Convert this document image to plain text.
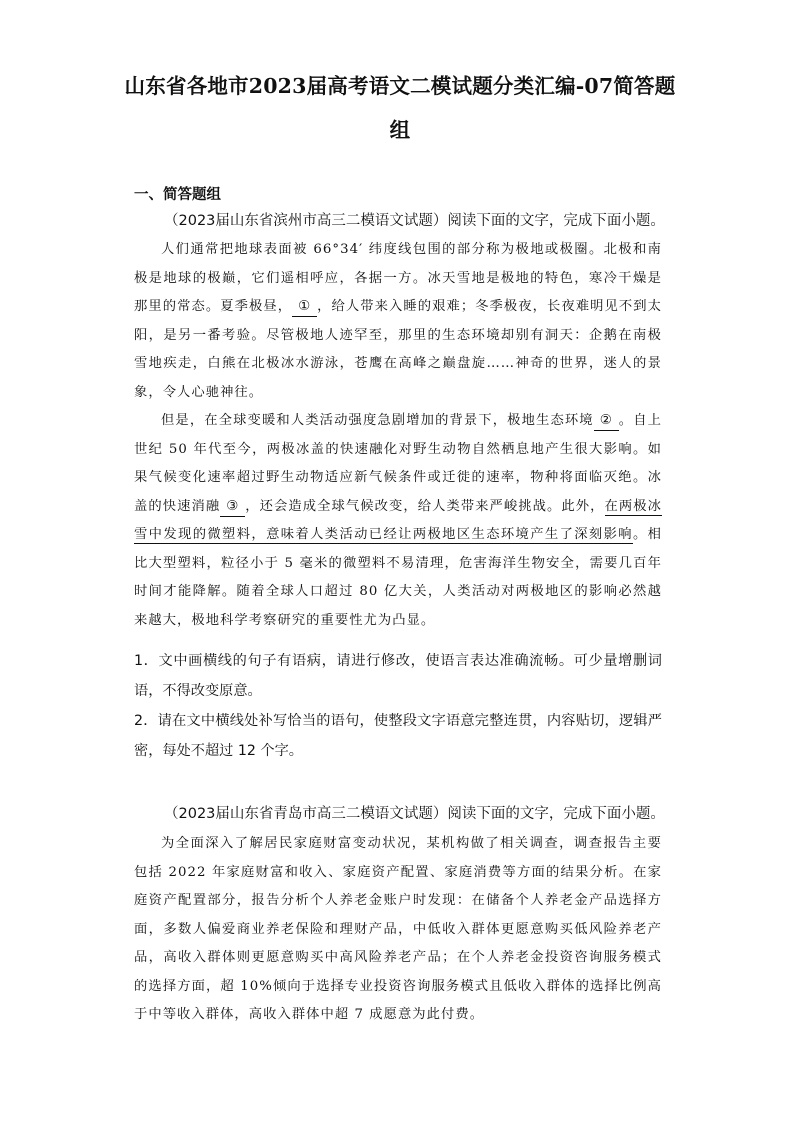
山东省各地市2023届高考语文二模试题分类汇编-07简答题组
一、简答题组
（2023届山东省滨州市高三二模语文试题）阅读下面的文字，完成下面小题。

人们通常把地球表面被 66°34′ 纬度线包围的部分称为极地或极圈。北极和南极是地球的极巅，它们遥相呼应，各据一方。冰天雪地是极地的特色，寒冷干燥是那里的常态。夏季极昼， ① ，给人带来入睡的艰难；冬季极夜，长夜难明见不到太阳，是另一番考验。尽管极地人迹罕至，那里的生态环境却别有洞天：企鹅在南极雪地疾走，白熊在北极冰水游泳，苍鹰在高峰之巅盘旋……神奇的世界，迷人的景象，令人心驰神往。

但是，在全球变暖和人类活动强度急剧增加的背景下，极地生态环境 ② 。自上世纪 50 年代至今，两极冰盖的快速融化对野生动物自然栖息地产生很大影响。如果气候变化速率超过野生动物适应新气候条件或迁徙的速率，物种将面临灭绝。冰盖的快速消融 ③ ，还会造成全球气候改变，给人类带来严峻挑战。此外，在两极冰雪中发现的微塑料，意味着人类活动已经让两极地区生态环境产生了深刻影响。相比大型塑料，粒径小于 5 毫米的微塑料不易清理，危害海洋生物安全，需要几百年时间才能降解。随着全球人口超过 80 亿大关，人类活动对两极地区的影响必然越来越大，极地科学考察研究的重要性尤为凸显。

1．文中画横线的句子有语病，请进行修改，使语言表达准确流畅。可少量增删词语，不得改变原意。
2．请在文中横线处补写恰当的语句，使整段文字语意完整连贯，内容贴切，逻辑严密，每处不超过 12 个字。
（2023届山东省青岛市高三二模语文试题）阅读下面的文字，完成下面小题。

为全面深入了解居民家庭财富变动状况，某机构做了相关调查，调查报告主要包括 2022 年家庭财富和收入、家庭资产配置、家庭消费等方面的结果分析。在家庭资产配置部分，报告分析个人养老金账户时发现：在储备个人养老金产品选择方面，多数人偏爱商业养老保险和理财产品，中低收入群体更愿意购买低风险养老产品，高收入群体则更愿意购买中高风险养老产品；在个人养老金投资咨询服务模式的选择方面，超 10%倾向于选择专业投资咨询服务模式且低收入群体的选择比例高于中等收入群体，高收入群体中超 7 成愿意为此付费。
